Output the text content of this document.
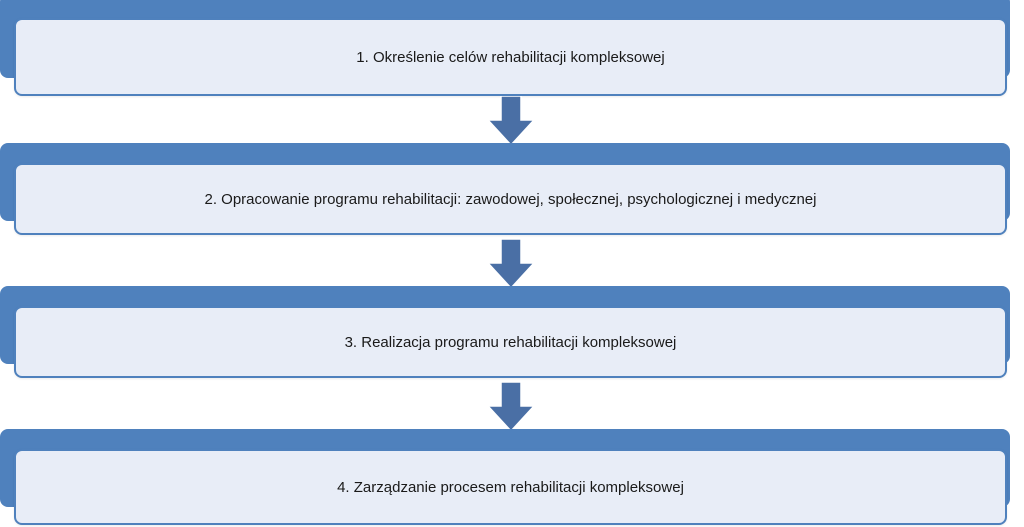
1. Określenie celów rehabilitacji kompleksowej
2. Opracowanie programu rehabilitacji: zawodowej, społecznej, psychologicznej i medycznej
3. Realizacja programu rehabilitacji kompleksowej
4. Zarządzanie procesem rehabilitacji kompleksowej
